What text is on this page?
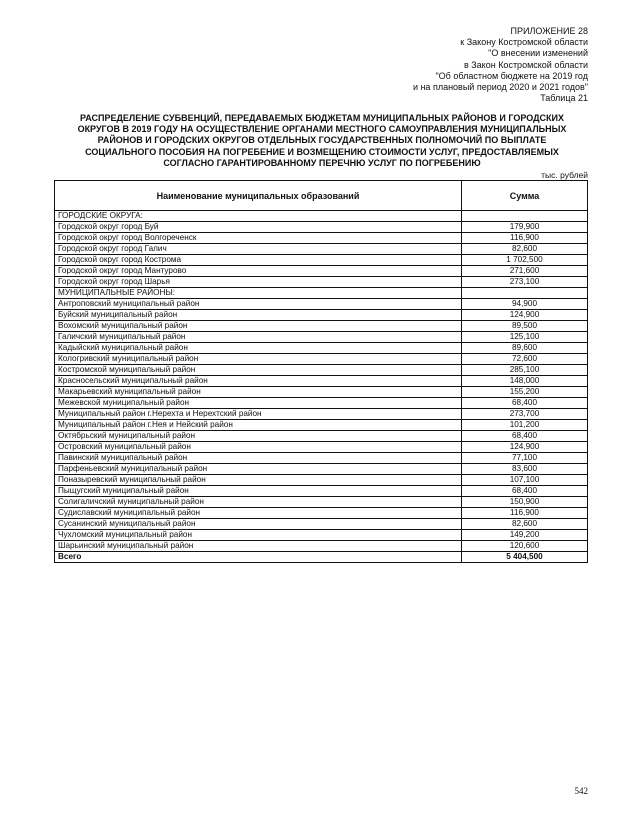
ПРИЛОЖЕНИЕ 28
к Закону Костромской области
"О внесении изменений
в Закон Костромской области
"Об областном бюджете на 2019 год
и на плановый период 2020 и 2021 годов"
Таблица 21
РАСПРЕДЕЛЕНИЕ СУБВЕНЦИЙ, ПЕРЕДАВАЕМЫХ БЮДЖЕТАМ МУНИЦИПАЛЬНЫХ РАЙОНОВ И ГОРОДСКИХ
ОКРУГОВ В 2019 ГОДУ НА ОСУЩЕСТВЛЕНИЕ ОРГАНАМИ МЕСТНОГО САМОУПРАВЛЕНИЯ МУНИЦИПАЛЬНЫХ
РАЙОНОВ И ГОРОДСКИХ ОКРУГОВ ОТДЕЛЬНЫХ ГОСУДАРСТВЕННЫХ ПОЛНОМОЧИЙ ПО ВЫПЛАТЕ
СОЦИАЛЬНОГО ПОСОБИЯ НА ПОГРЕБЕНИЕ И ВОЗМЕЩЕНИЮ СТОИМОСТИ УСЛУГ, ПРЕДОСТАВЛЯЕМЫХ
СОГЛАСНО ГАРАНТИРОВАННОМУ ПЕРЕЧНЮ УСЛУГ ПО ПОГРЕБЕНИЮ
тыс. рублей
Наименование муниципальных образований	Сумма
ГОРОДСКИЕ ОКРУГА:	
Городской округ город Буй	179,900
Городской округ город Волгореченск	116,900
Городской округ город Галич	82,600
Городской округ город Кострома	1 702,500
Городской округ город Мантурово	271,600
Городской округ город Шарья	273,100
МУНИЦИПАЛЬНЫЕ РАЙОНЫ:	
Антроповский муниципальный район	94,900
Буйский муниципальный район	124,900
Вохомский муниципальный район	89,500
Галичский муниципальный район	125,100
Кадыйский муниципальный район	89,600
Кологривский муниципальный район	72,600
Костромской муниципальный район	285,100
Красносельский муниципальный район	148,000
Макарьевский муниципальный район	155,200
Межевской муниципальный район	68,400
Муниципальный район г.Нерехта и Нерехтский район	273,700
Муниципальный район г.Нея и Нейский район	101,200
Октябрьский муниципальный район	68,400
Островский муниципальный район	124,900
Павинский муниципальный район	77,100
Парфеньевский муниципальный район	83,600
Поназыревский муниципальный район	107,100
Пыщугский муниципальный район	68,400
Солигаличский муниципальный район	150,900
Судиславский муниципальный район	116,900
Сусанинский муниципальный район	82,600
Чухломский муниципальный район	149,200
Шарьинский муниципальный район	120,600
Всего	5 404,500
542
